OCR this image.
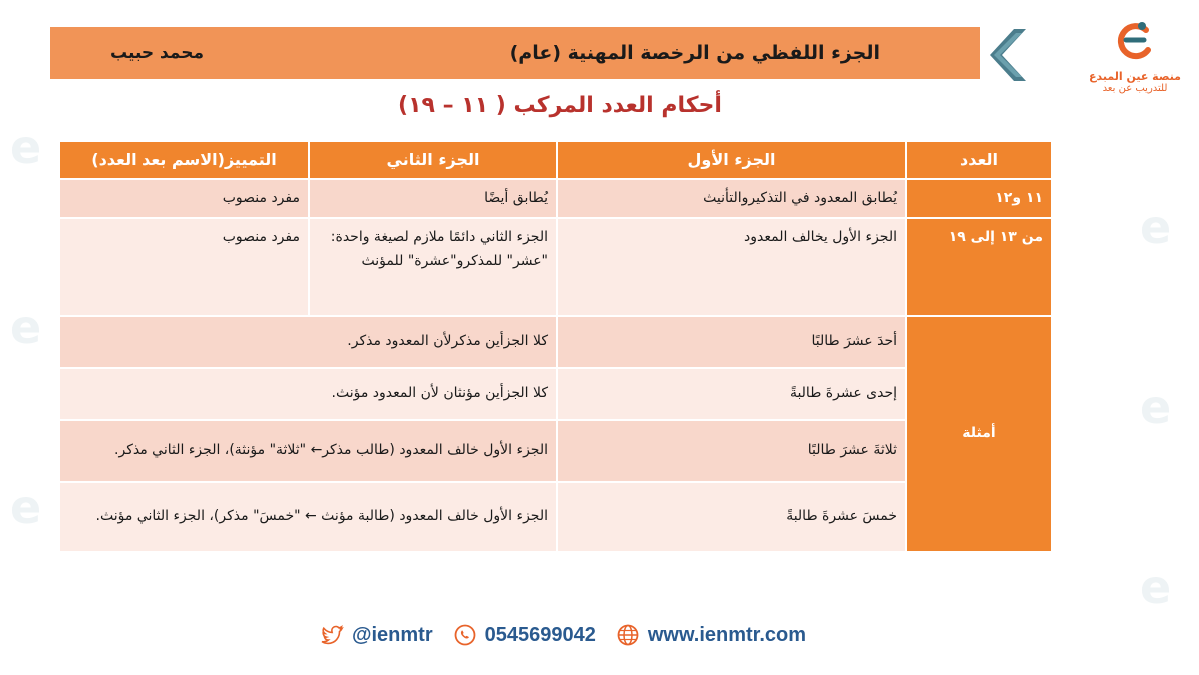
e
e
e
e
e
e
الجزء اللفظي من الرخصة المهنية (عام)
محمد حبيب
منصة عين المبدع
للتدريب عن بعد
أحكام العدد المركب ( ١١ – ١٩)
العدد	الجزء الأول	الجزء الثاني	التمييز(الاسم بعد العدد)
١١ و١٢	يُطابق المعدود في التذكيروالتأنيث	يُطابق أيضًا	مفرد منصوب
من ١٣ إلى ١٩	الجزء الأول يخالف المعدود	الجزء الثاني دائمًا ملازم لصيغة واحدة: "عشر" للمذكرو"عشرة" للمؤنث	مفرد منصوب
أمثلة	أحدَ عشرَ طالبًا	كلا الجزأين مذكرلأن المعدود مذكر.	
	إحدى عشرةَ طالبةً	كلا الجزأين مؤنثان لأن المعدود مؤنث.	
	ثلاثةَ عشرَ طالبًا	الجزء الأول خالف المعدود (طالب مذكر← "ثلاثة" مؤنثة)، الجزء الثاني مذكر.	
	خمسَ عشرةَ طالبةً	الجزء الأول خالف المعدود (طالبة مؤنث ← "خمسَ" مذكر)، الجزء الثاني مؤنث.	
@ienmtr	0545699042	www.ienmtr.com
